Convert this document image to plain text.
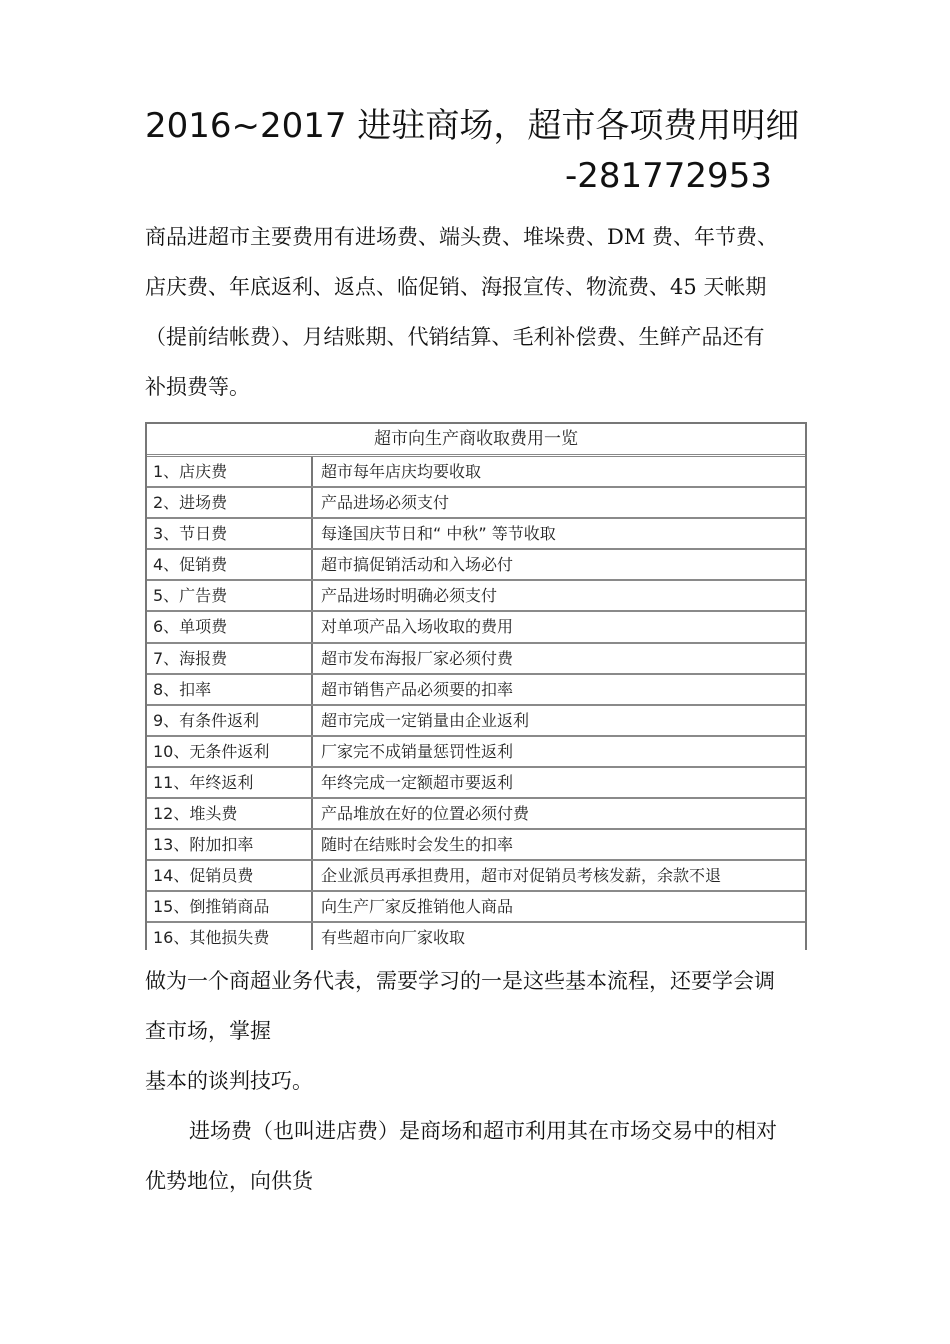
2016~2017 进驻商场，超市各项费用明细
-281772953
商品进超市主要费用有进场费、端头费、堆垛费、DM 费、年节费、
店庆费、年底返利、返点、临促销、海报宣传、物流费、45 天帐期
（提前结帐费）、月结账期、代销结算、毛利补偿费、生鲜产品还有
补损费等。
超市向生产商收取费用一览
1、店庆费	超市每年店庆均要收取
2、进场费	产品进场必须支付
3、节日费	每逢国庆节日和“ 中秋” 等节收取
4、促销费	超市搞促销活动和入场必付
5、广告费	产品进场时明确必须支付
6、单项费	对单项产品入场收取的费用
7、海报费	超市发布海报厂家必须付费
8、扣率	超市销售产品必须要的扣率
9、有条件返利	超市完成一定销量由企业返利
10、无条件返利	厂家完不成销量惩罚性返利
11、年终返利	年终完成一定额超市要返利
12、堆头费	产品堆放在好的位置必须付费
13、附加扣率	随时在结账时会发生的扣率
14、促销员费	企业派员再承担费用，超市对促销员考核发薪，余款不退
15、倒推销商品	向生产厂家反推销他人商品
16、其他损失费	有些超市向厂家收取
做为一个商超业务代表，需要学习的一是这些基本流程，还要学会调
查市场，掌握
基本的谈判技巧。
进场费（也叫进店费）是商场和超市利用其在市场交易中的相对
优势地位，向供货
